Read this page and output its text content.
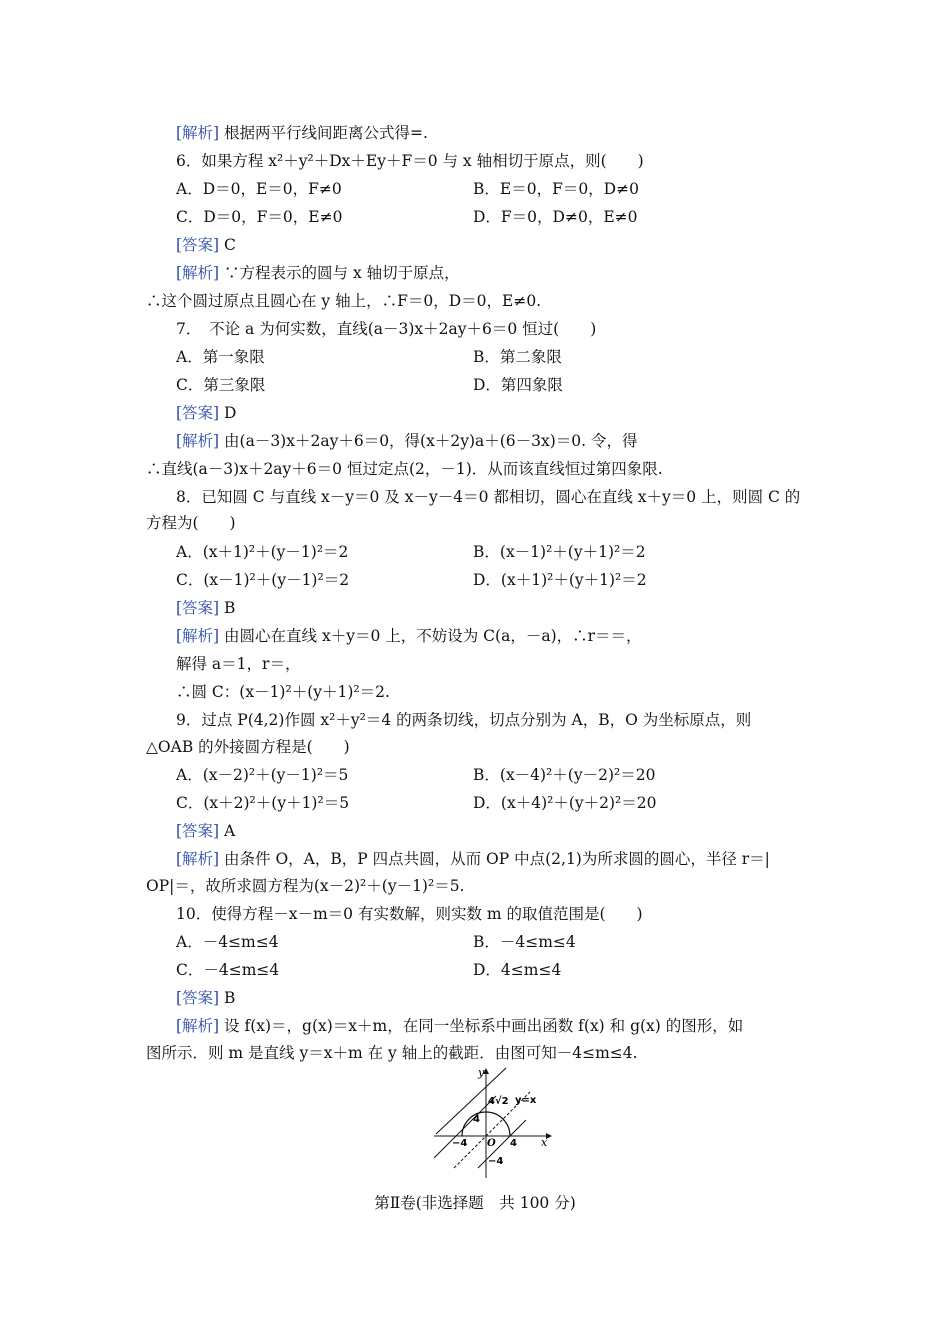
[解析] 根据两平行线间距离公式得=.
6．如果方程 x²＋y²＋Dx＋Ey＋F＝0 与 x 轴相切于原点，则(　　)
A．D＝0，E＝0，F≠0	B．E＝0，F＝0，D≠0
C．D＝0，F＝0，E≠0	D．F＝0，D≠0，E≠0
[答案] C
[解析] ∵方程表示的圆与 x 轴切于原点，
∴这个圆过原点且圆心在 y 轴上，∴F＝0，D＝0，E≠0.
7．　不论 a 为何实数，直线(a－3)x＋2ay＋6＝0 恒过(　　)
A．第一象限	B．第二象限
C．第三象限	D．第四象限
[答案] D
[解析] 由(a－3)x＋2ay＋6＝0，得(x＋2y)a＋(6－3x)＝0. 令，得
∴直线(a－3)x＋2ay＋6＝0 恒过定点(2，－1)．从而该直线恒过第四象限.
8．已知圆 C 与直线 x－y＝0 及 x－y－4＝0 都相切，圆心在直线 x＋y＝0 上，则圆 C 的
方程为(　　)
A．(x＋1)²＋(y－1)²＝2	B．(x－1)²＋(y＋1)²＝2
C．(x－1)²＋(y－1)²＝2	D．(x＋1)²＋(y＋1)²＝2
[答案] B
[解析] 由圆心在直线 x＋y＝0 上，不妨设为 C(a，－a)，∴r＝＝，
解得 a＝1，r＝，
∴圆 C：(x－1)²＋(y＋1)²＝2.
9．过点 P(4,2)作圆 x²＋y²＝4 的两条切线，切点分别为 A，B，O 为坐标原点，则
△OAB 的外接圆方程是(　　)
A．(x－2)²＋(y－1)²＝5	B．(x－4)²＋(y－2)²＝20
C．(x＋2)²＋(y＋1)²＝5	D．(x＋4)²＋(y＋2)²＝20
[答案] A
[解析] 由条件 O，A，B，P 四点共圆，从而 OP 中点(2,1)为所求圆的圆心，半径 r＝|
OP|＝，故所求圆方程为(x－2)²＋(y－1)²＝5.
10．使得方程－x－m＝0 有实数解，则实数 m 的取值范围是(　　)
A．－4≤m≤4	B．－4≤m≤4
C．－4≤m≤4	D．4≤m≤4
[答案] B
[解析] 设 f(x)＝，g(x)＝x＋m，在同一坐标系中画出函数 f(x) 和 g(x) 的图形，如
图所示．则 m 是直线 y＝x＋m 在 y 轴上的截距．由图可知－4≤m≤4.
y
x
4√2 y=x
4
−4 O 4
−4
第Ⅱ卷(非选择题　共 100 分)
